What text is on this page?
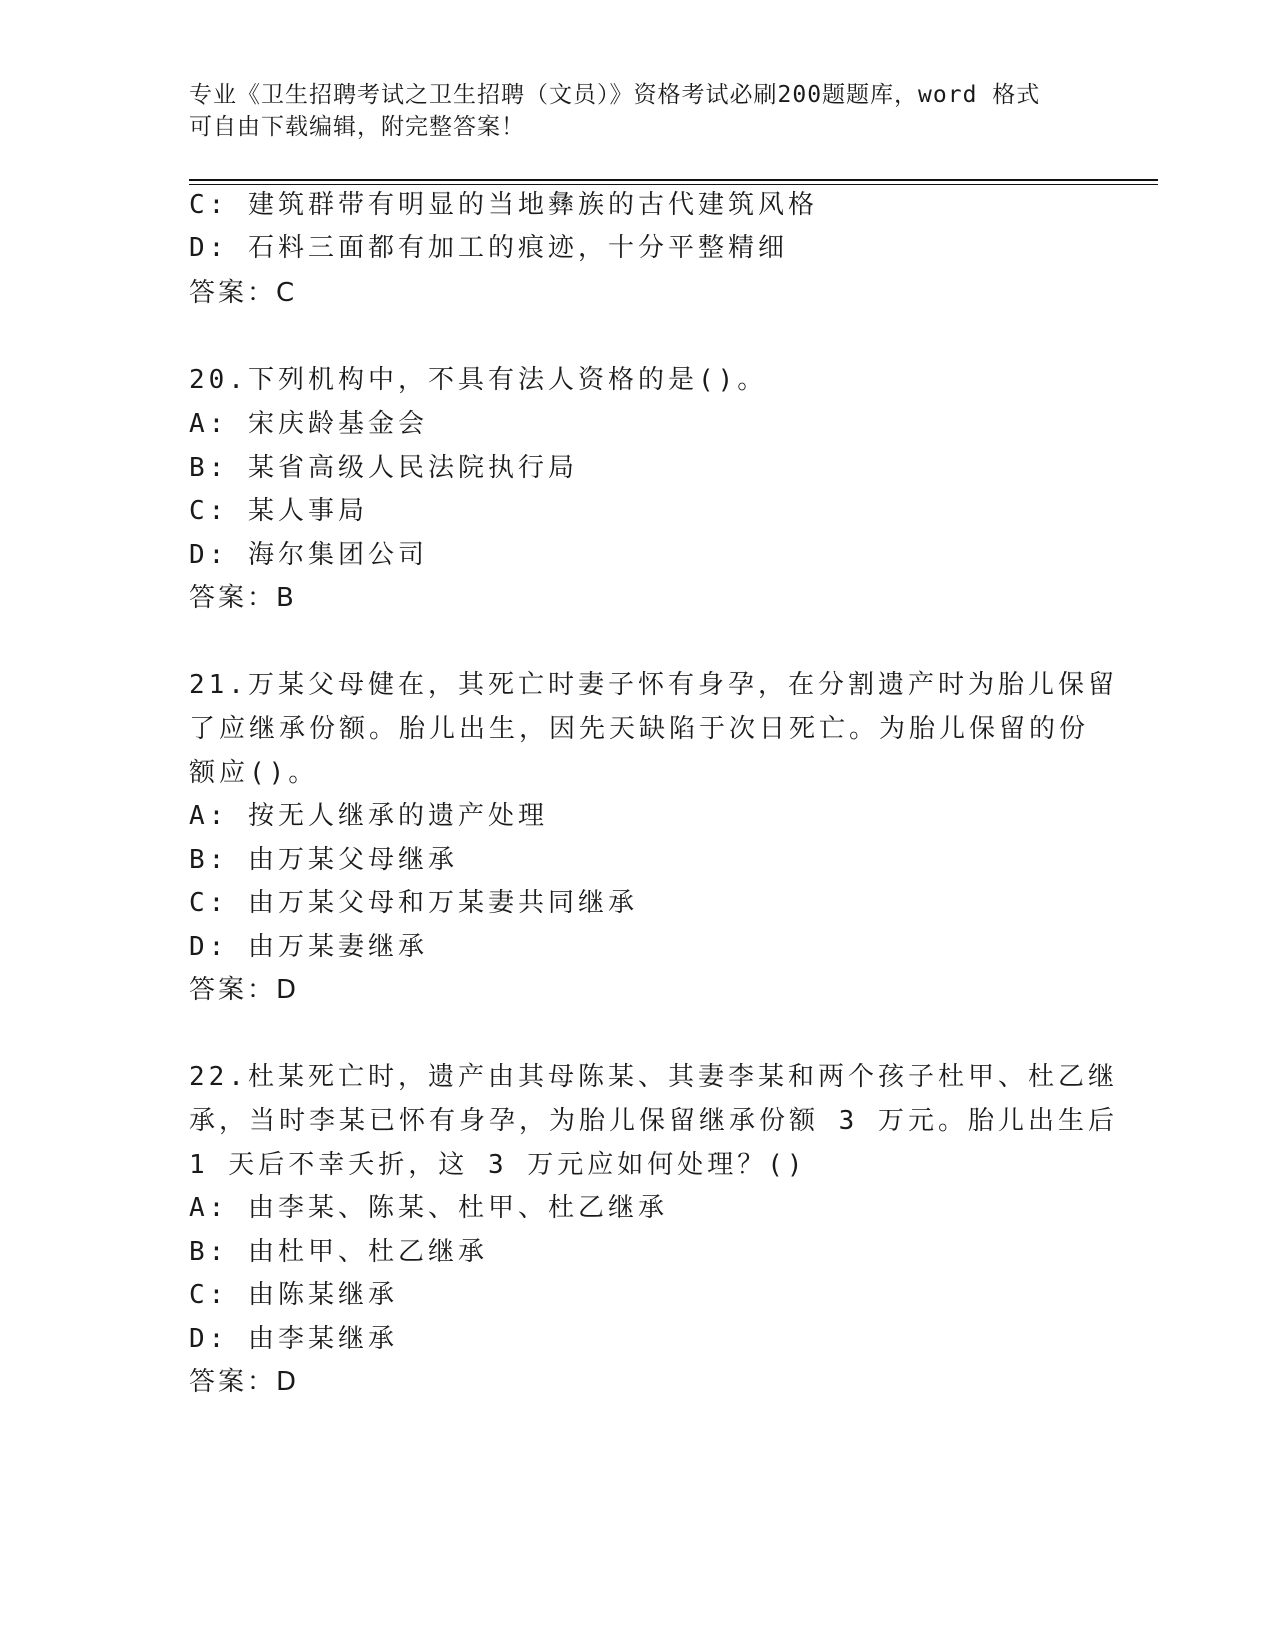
专业《卫生招聘考试之卫生招聘（文员）》资格考试必刷200题题库，word 格式
可自由下载编辑，附完整答案！
C: 建筑群带有明显的当地彝族的古代建筑风格
D: 石料三面都有加工的痕迹，十分平整精细
答案：C
20.下列机构中，不具有法人资格的是()。
A: 宋庆龄基金会
B: 某省高级人民法院执行局
C: 某人事局
D: 海尔集团公司
答案：B
21.万某父母健在，其死亡时妻子怀有身孕，在分割遗产时为胎儿保留
了应继承份额。胎儿出生，因先天缺陷于次日死亡。为胎儿保留的份
额应()。
A: 按无人继承的遗产处理
B: 由万某父母继承
C: 由万某父母和万某妻共同继承
D: 由万某妻继承
答案：D
22.杜某死亡时，遗产由其母陈某、其妻李某和两个孩子杜甲、杜乙继
承，当时李某已怀有身孕，为胎儿保留继承份额 3 万元。胎儿出生后
1 天后不幸夭折，这 3 万元应如何处理？()
A: 由李某、陈某、杜甲、杜乙继承
B: 由杜甲、杜乙继承
C: 由陈某继承
D: 由李某继承
答案：D
